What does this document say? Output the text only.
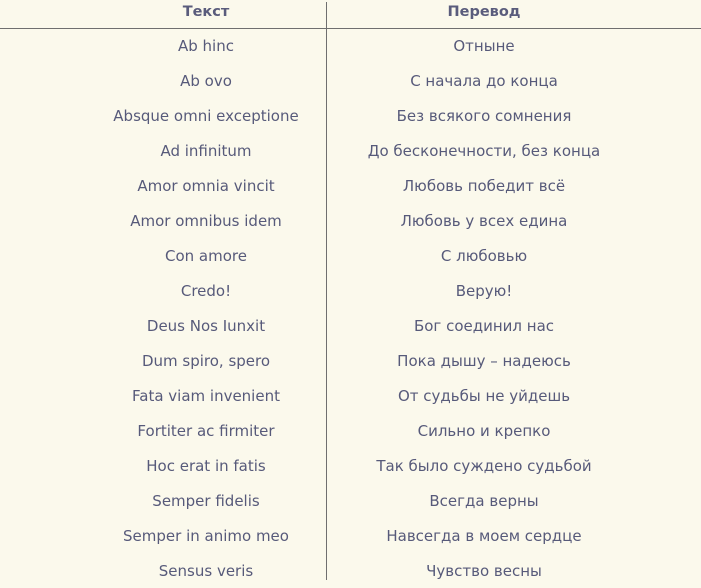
Текст	Перевод
Ab hinc	Отныне
Ab ovo	С начала до конца
Absque omni exceptione	Без всякого сомнения
Ad infinitum	До бесконечности, без конца
Amor omnia vincit	Любовь победит всё
Amor omnibus idem	Любовь у всех едина
Con amore	С любовью
Credo!	Верую!
Deus Nos Iunxit	Бог соединил нас
Dum spiro, spero	Пока дышу – надеюсь
Fata viam invenient	От судьбы не уйдешь
Fortiter ac firmiter	Сильно и крепко
Hoc erat in fatis	Так было суждено судьбой
Semper fidelis	Всегда верны
Semper in animo meo	Навсегда в моем сердце
Sensus veris	Чувство весны
